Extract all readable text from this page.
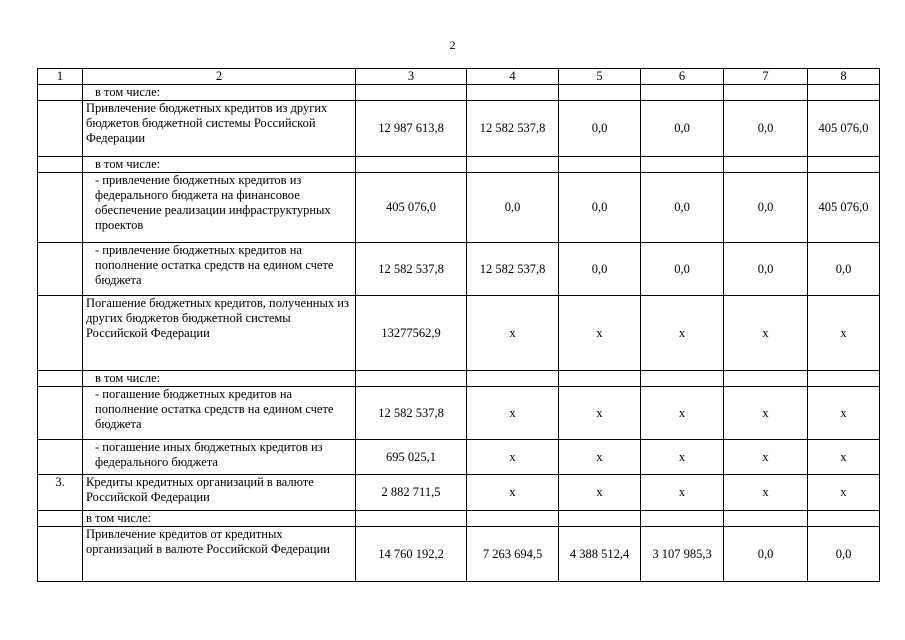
2
1	2	3	4	5	6	7	8
	в том числе:						
	Привлечение бюджетных кредитов из других бюджетов бюджетной системы Российской Федерации	12 987 613,8	12 582 537,8	0,0	0,0	0,0	405 076,0
	в том числе:						
	- привлечение бюджетных кредитов из федерального бюджета на финансовое обеспечение реализации инфраструктурных проектов	405 076,0	0,0	0,0	0,0	0,0	405 076,0
	- привлечение бюджетных кредитов на пополнение остатка средств на едином счете бюджета	12 582 537,8	12 582 537,8	0,0	0,0	0,0	0,0
	Погашение бюджетных кредитов, полученных из других бюджетов бюджетной системы Российской Федерации	13277562,9	x	x	x	x	x
	в том числе:						
	- погашение бюджетных кредитов на пополнение остатка средств на едином счете бюджета	12 582 537,8	x	x	x	x	x
	- погашение иных бюджетных кредитов из федерального бюджета	695 025,1	x	x	x	x	x
3.	Кредиты кредитных организаций в валюте Российской Федерации	2 882 711,5	x	x	x	x	x
	в том числе:						
	Привлечение кредитов от кредитных организаций в валюте Российской Федерации	14 760 192,2	7 263 694,5	4 388 512,4	3 107 985,3	0,0	0,0
